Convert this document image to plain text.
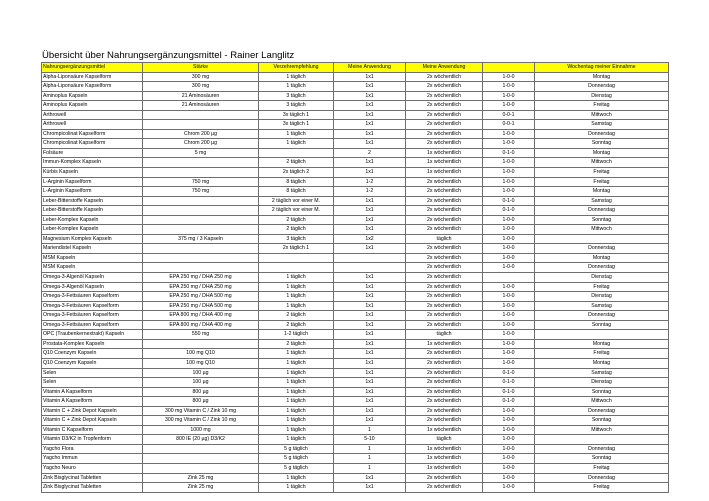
Übersicht über Nahrungsergänzungsmittel - Rainer Langlitz
Nahrungsergänzungsmittel	Stärke	Verzehrempfehlung	Meine Anwendung	Meine Anwendung		Wochentag meiner Einnahme
Alpha-Liponsäure Kapselform	300 mg	1 täglich	1x1	2x wöchentlich	1-0-0	Montag
Alpha-Liponsäure Kapselform	300 mg	1 täglich	1x1	2x wöchentlich	1-0-0	Donnerstag
Aminoplus Kapseln	21 Aminosäuren	3 täglich	1x1	2x wöchentlich	1-0-0	Dienstag
Aminoplus Kapseln	21 Aminosäuren	3 täglich	1x1	2x wöchentlich	1-0-0	Freitag
Arthrowell		3x täglich 1	1x1	2x wöchentlich	0-0-1	Mittwoch
Arthrowell		3x täglich 1	1x1	2x wöchentlich	0-0-1	Samstag
Chrompicolinat Kapselform	Chrom 200 µg	1 täglich	1x1	2x wöchentlich	1-0-0	Donnerstag
Chrompicolinat Kapselform	Chrom 200 µg	1 täglich	1x1	2x wöchentlich	1-0-0	Sonntag
Folsäure	5 mg		2	1x wöchentlich	0-1-0	Montag
Immun-Komplex Kapseln		2 täglich	1x1	1x wöchentlich	1-0-0	Mittwoch
Kürbis Kapseln		2x täglich 2	1x1	1x wöchentlich	1-0-0	Freitag
L-Arginin Kapselform	750 mg	8 täglich	1-2	2x wöchentlich	1-0-0	Freitag
L-Arginin Kapselform	750 mg	8 täglich	1-2	2x wöchentlich	1-0-0	Montag
Leber-Bitterstoffe Kapseln		2 täglich vor einer M.	1x1	2x wöchentlich	0-1-0	Samstag
Leber-Bitterstoffe Kapseln		2 täglich vor einer M.	1x1	2x wöchentlich	0-1-0	Donnerstag
Leber-Komplex Kapseln		2 täglich	1x1	2x wöchentlich	1-0-0	Sonntag
Leber-Komplex Kapseln		2 täglich	1x1	2x wöchentlich	1-0-0	Mittwoch
Magnesium Komplex Kapseln	375 mg / 3 Kapseln	3 täglich	1x2	täglich	1-0-0	
Mariendistel Kapseln		2x täglich 1	1x1	2x wöchentlich	1-0-0	Donnerstag
MSM Kapseln				2x wöchentlich	1-0-0	Montag
MSM Kapseln				2x wöchentlich	1-0-0	Donnerstag
Omega-3-Algenöl Kapseln	EPA 250 mg / DHA 250 mg	1 täglich	1x1	2x wöchentlich		Dienstag
Omega-3-Algenöl Kapseln	EPA 250 mg / DHA 250 mg	1 täglich	1x1	2x wöchentlich	1-0-0	Freitag
Omega-3-Fettsäuren Kapselform	EPA 250 mg / DHA 500 mg	1 täglich	1x1	2x wöchentlich	1-0-0	Dienstag
Omega-3-Fettsäuren Kapselform	EPA 250 mg / DHA 500 mg	1 täglich	1x1	2x wöchentlich	1-0-0	Samstag
Omega-3-Fettsäuren Kapselform	EPA 800 mg / DHA 400 mg	2 täglich	1x1	2x wöchentlich	1-0-0	Donnerstag
Omega-3-Fettsäuren Kapselform	EPA 800 mg / DHA 400 mg	2 täglich	1x1	2x wöchentlich	1-0-0	Sonntag
OPC (Traubenkernextrakt) Kapseln	550 mg	1-2 täglich	1x1	täglich	1-0-0	
Prostata-Komplex Kapseln		2 täglich	1x1	1x wöchentlich	1-0-0	Montag
Q10 Coenzym Kapseln	100 mg Q10	1 täglich	1x1	2x wöchentlich	1-0-0	Freitag
Q10 Coenzym Kapseln	100 mg Q10	1 täglich	1x1	2x wöchentlich	1-0-0	Montag
Selen	100 µg	1 täglich	1x1	2x wöchentlich	0-1-0	Samstag
Selen	100 µg	1 täglich	1x1	2x wöchentlich	0-1-0	Dienstag
Vitamin A Kapselform	800 µg	1 täglich	1x1	2x wöchentlich	0-1-0	Sonntag
Vitamin A Kapselform	800 µg	1 täglich	1x1	2x wöchentlich	0-1-0	Mittwoch
Vitamin C + Zink Depot Kapseln	300 mg Vitamin C / Zink 10 mg	1 täglich	1x1	2x wöchentlich	1-0-0	Donnerstag
Vitamin C + Zink Depot Kapseln	300 mg Vitamin C / Zink 10 mg	1 täglich	1x1	2x wöchentlich	1-0-0	Sonntag
Vitamin C Kapselform	1000 mg	1 täglich	1	1x wöchentlich	1-0-0	Mittwoch
Vitamin D3/K2 in Tropfenform	800 IE (20 µg) D3/K2	1 täglich	5-10	täglich	1-0-0	
Yagcho Flora		5 g täglich	1	1x wöchentlich	1-0-0	Donnerstag
Yagcho Immun		5 g täglich	1	1x wöchentlich	1-0-0	Sonntag
Yagcho Neuro		5 g täglich	1	1x wöchentlich	1-0-0	Freitag
Zink Bisglycinat Tabletten	Zink 25 mg	1 täglich	1x1	2x wöchentlich	1-0-0	Donnerstag
Zink Bisglycinat Tabletten	Zink 25 mg	1 täglich	1x1	2x wöchentlich	1-0-0	Freitag
